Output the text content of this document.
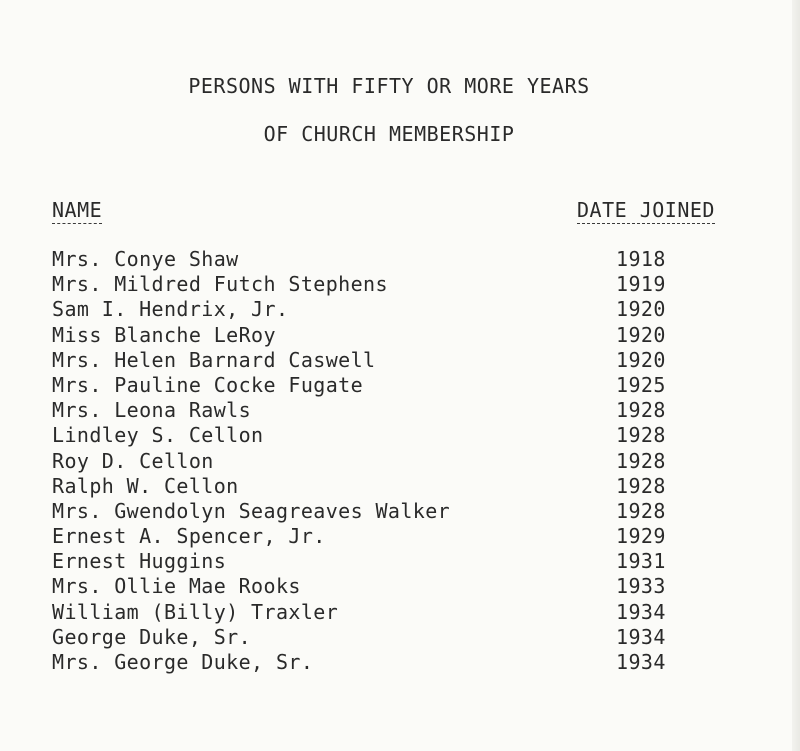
PERSONS WITH FIFTY OR MORE YEARS
OF CHURCH MEMBERSHIP
NAME	DATE JOINED
Mrs. Conye Shaw	1918
Mrs. Mildred Futch Stephens	1919
Sam I. Hendrix, Jr.	1920
Miss Blanche LeRoy	1920
Mrs. Helen Barnard Caswell	1920
Mrs. Pauline Cocke Fugate	1925
Mrs. Leona Rawls	1928
Lindley S. Cellon	1928
Roy D. Cellon	1928
Ralph W. Cellon	1928
Mrs. Gwendolyn Seagreaves Walker	1928
Ernest A. Spencer, Jr.	1929
Ernest Huggins	1931
Mrs. Ollie Mae Rooks	1933
William (Billy) Traxler	1934
George Duke, Sr.	1934
Mrs. George Duke, Sr.	1934
